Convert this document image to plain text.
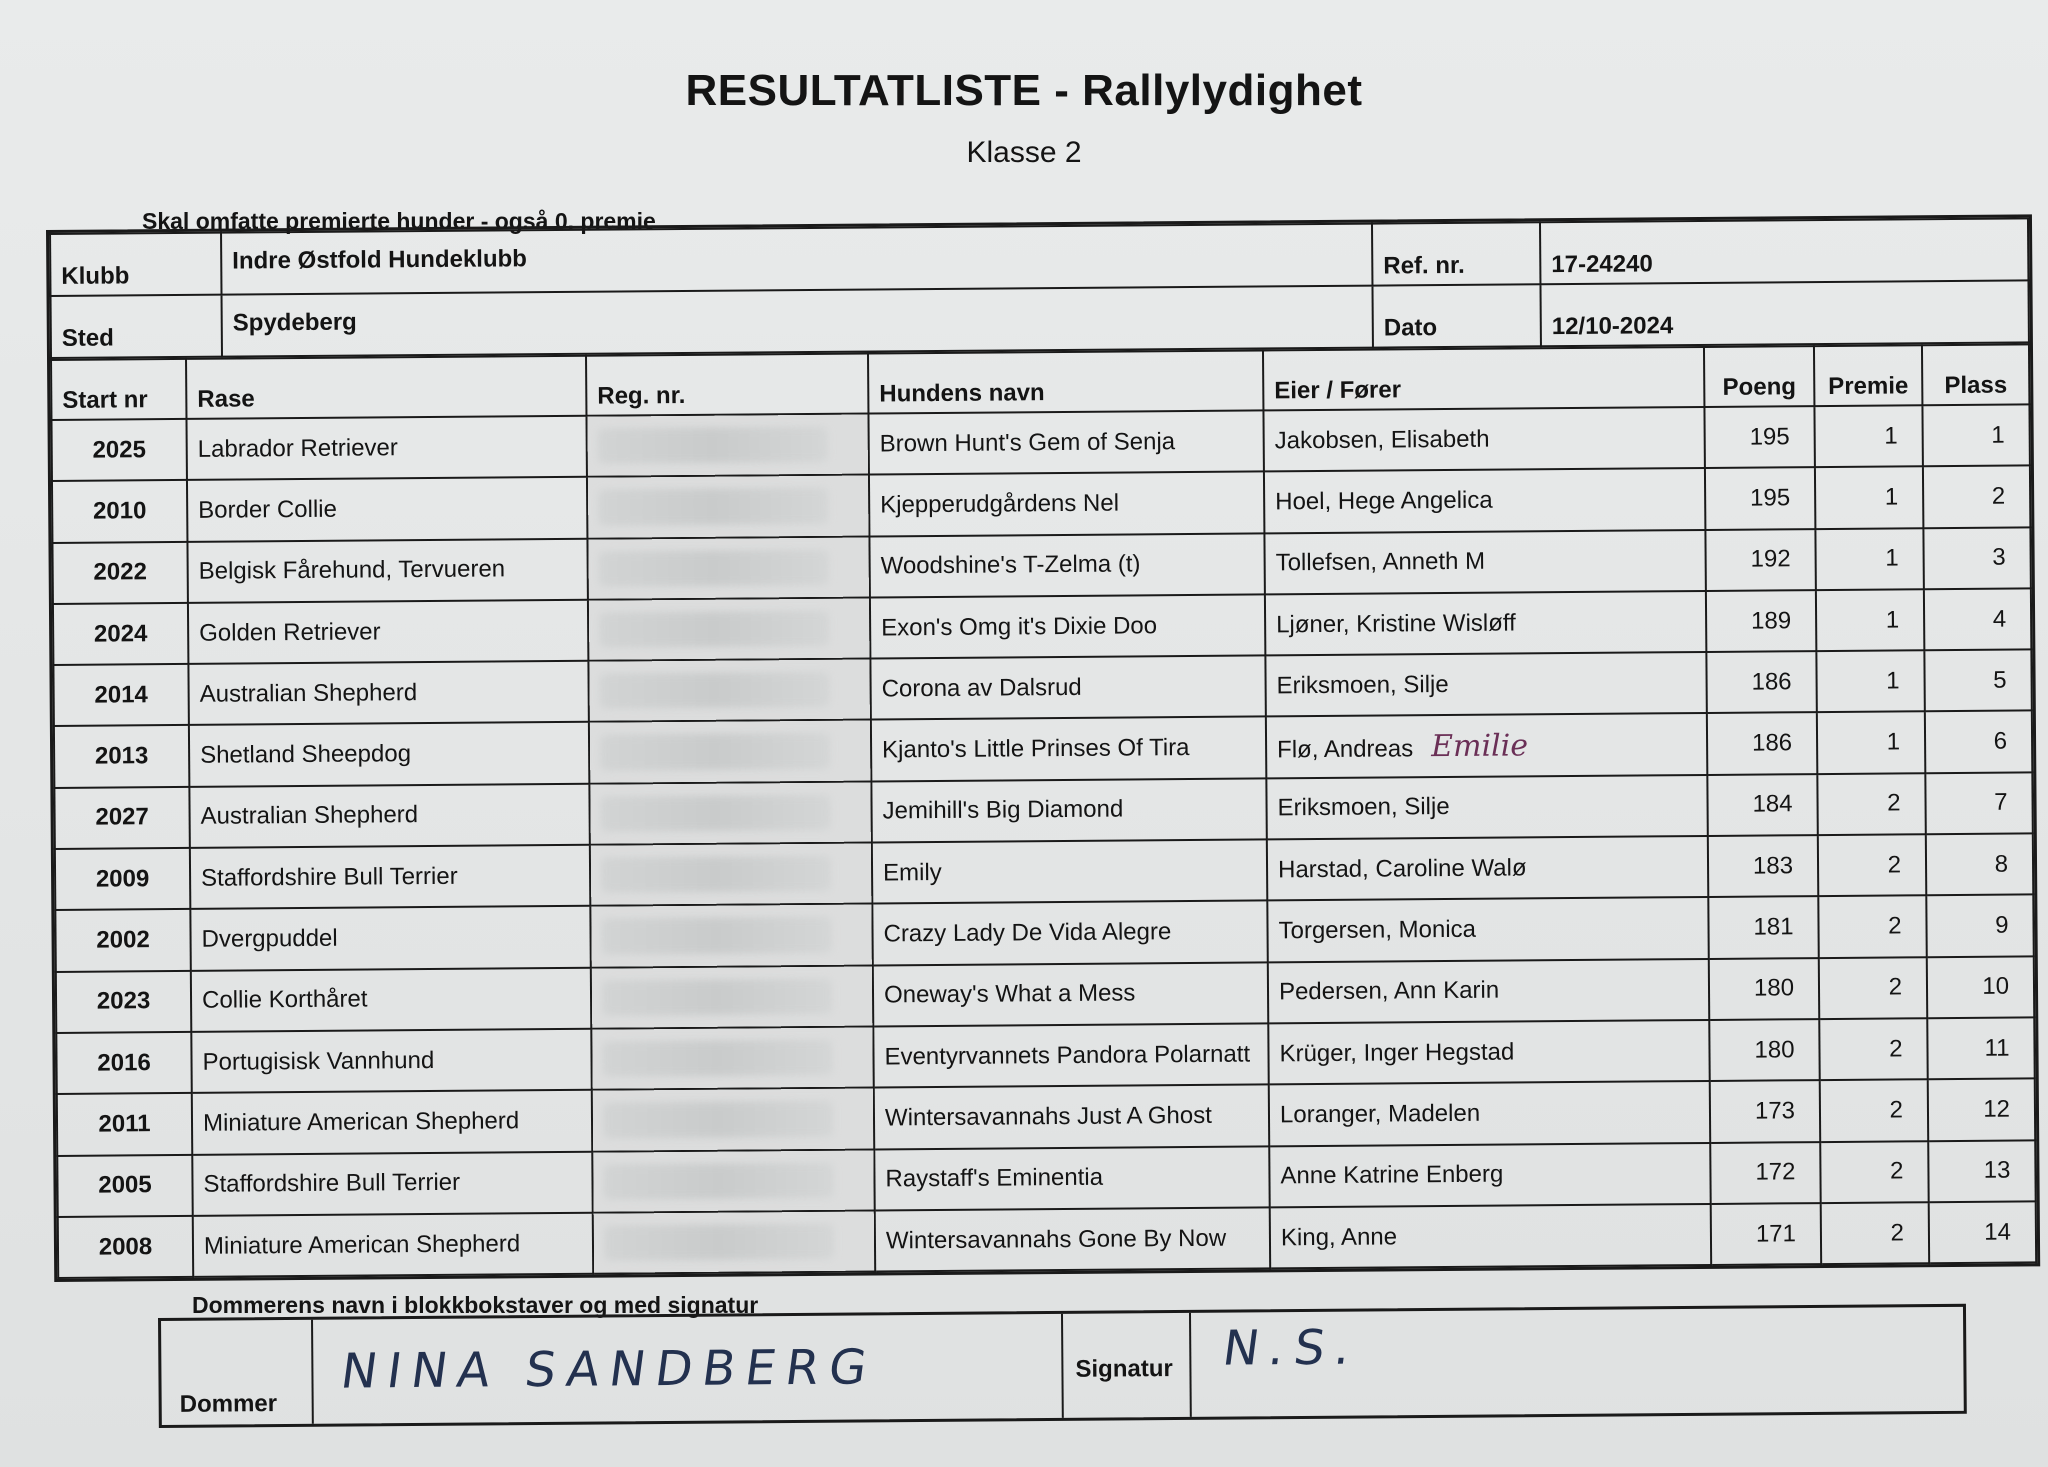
RESULTATLISTE - Rallylydighet
Klasse 2
Skal omfatte premierte hunder - også 0. premie
Klubb	Indre Østfold Hundeklubb	Ref. nr.	17-24240
Sted	Spydeberg	Dato	12/10-2024
Start nr	Rase	Reg. nr.	Hundens navn	Eier / Fører	Poeng	Premie	Plass
2025	Labrador Retriever		Brown Hunt's Gem of Senja	Jakobsen, Elisabeth	195	1	1
2010	Border Collie		Kjepperudgårdens Nel	Hoel, Hege Angelica	195	1	2
2022	Belgisk Fårehund, Tervueren		Woodshine's T-Zelma (t)	Tollefsen, Anneth M	192	1	3
2024	Golden Retriever		Exon's Omg it's Dixie Doo	Ljøner, Kristine Wisløff	189	1	4
2014	Australian Shepherd		Corona av Dalsrud	Eriksmoen, Silje	186	1	5
2013	Shetland Sheepdog		Kjanto's Little Prinses Of Tira	Flø, Andreas Emilie	186	1	6
2027	Australian Shepherd		Jemihill's Big Diamond	Eriksmoen, Silje	184	2	7
2009	Staffordshire Bull Terrier		Emily	Harstad, Caroline Walø	183	2	8
2002	Dvergpuddel		Crazy Lady De Vida Alegre	Torgersen, Monica	181	2	9
2023	Collie Korthåret		Oneway's What a Mess	Pedersen, Ann Karin	180	2	10
2016	Portugisisk Vannhund		Eventyrvannets Pandora Polarnatt	Krüger, Inger Hegstad	180	2	11
2011	Miniature American Shepherd		Wintersavannahs Just A Ghost	Loranger, Madelen	173	2	12
2005	Staffordshire Bull Terrier		Raystaff's Eminentia	Anne Katrine Enberg	172	2	13
2008	Miniature American Shepherd		Wintersavannahs Gone By Now	King, Anne	171	2	14
Dommerens navn i blokkbokstaver og med signatur
Dommer
NINA SANDBERG	Signatur N.S.
